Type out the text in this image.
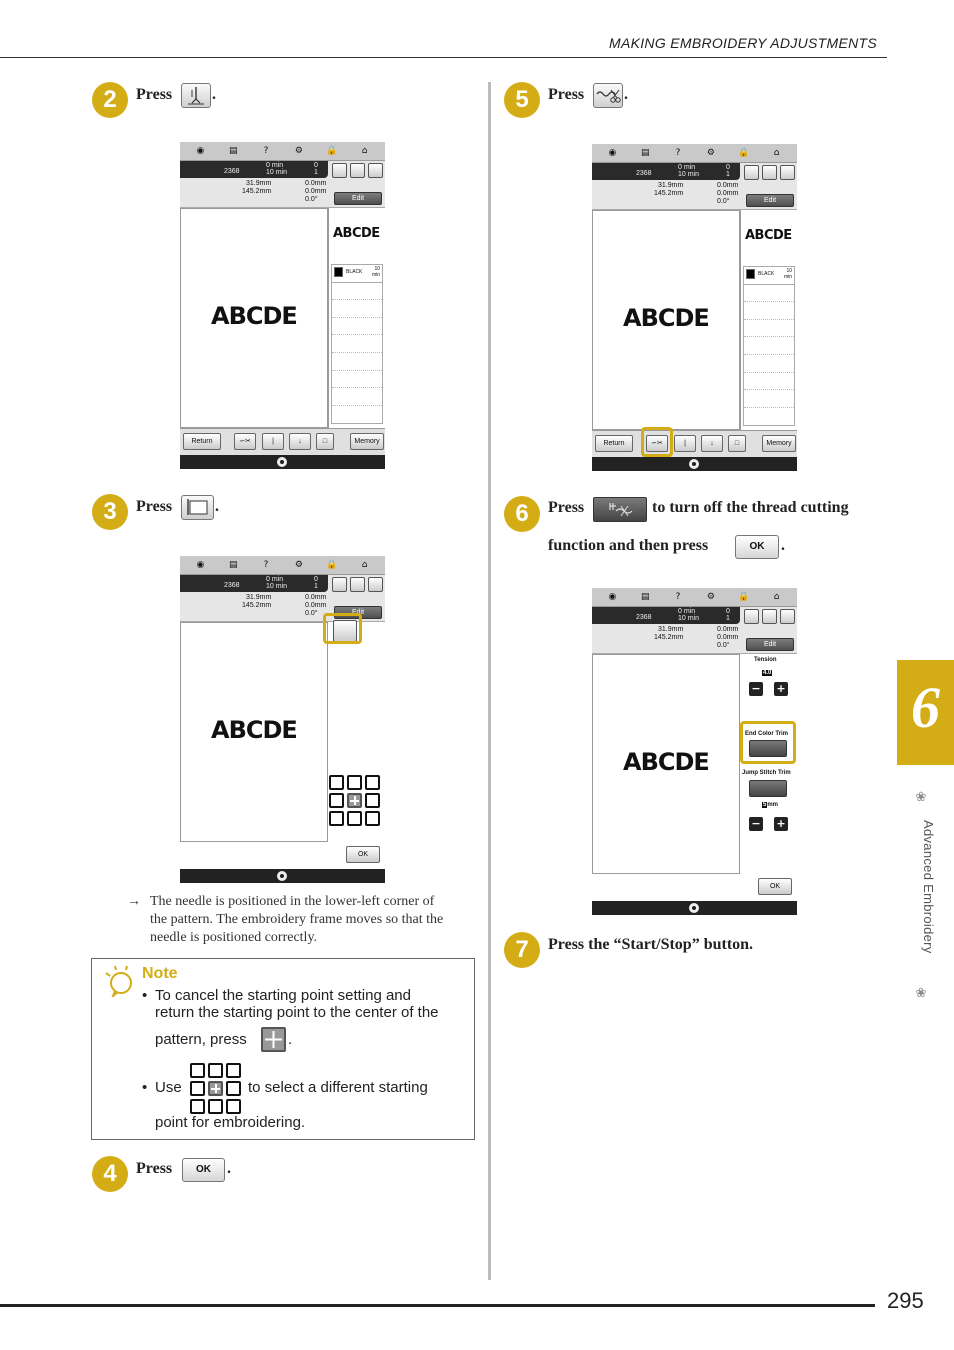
MAKING EMBROIDERY ADJUSTMENTS
6
❀
Advanced Embroidery
❀
2	Press .
◉	▤	?	⚙	🔒	⌂
2368
0 min
10 min
0
1
31.9mm
145.2mm
0.0mm
0.0mm
0.0°	Edit
ABCDE
ABCDE
BLACK	10
min
Return	∽✂	|	↓	□	Memory
3	Press	.
◉	▤	?	⚙	🔒	⌂
2368
0 min
10 min
0
1
31.9mm
145.2mm
0.0mm
0.0mm
0.0°	Edit
ABCDE
OK
→ The needle is positioned in the lower-left corner of
the pattern. The embroidery frame moves so that the
needle is positioned correctly.
Note
• To cancel the starting point setting and
return the starting point to the center of the
pattern, press	.
• Use	to select a different starting
point for embroidering.
4	Press	OK	.
5	Press .
◉	▤	?	⚙	🔒	⌂
2368
0 min
10 min
0
1
31.9mm
145.2mm
0.0mm
0.0mm
0.0°	Edit
ABCDE
ABCDE
BLACK	10
min
Return	∽✂	|	↓	□	Memory
6	Press	to turn off the thread cutting
function and then press	OK	.
◉	▤	?	⚙	🔒	⌂
2368
0 min
10 min
0
1
31.9mm
145.2mm
0.0mm
0.0mm
0.0°	Edit
ABCDE
Tension
4.0
− +
End Color Trim
Jump Stitch Trim
5mm
− +
OK
7	Press the “Start/Stop” button.
295
